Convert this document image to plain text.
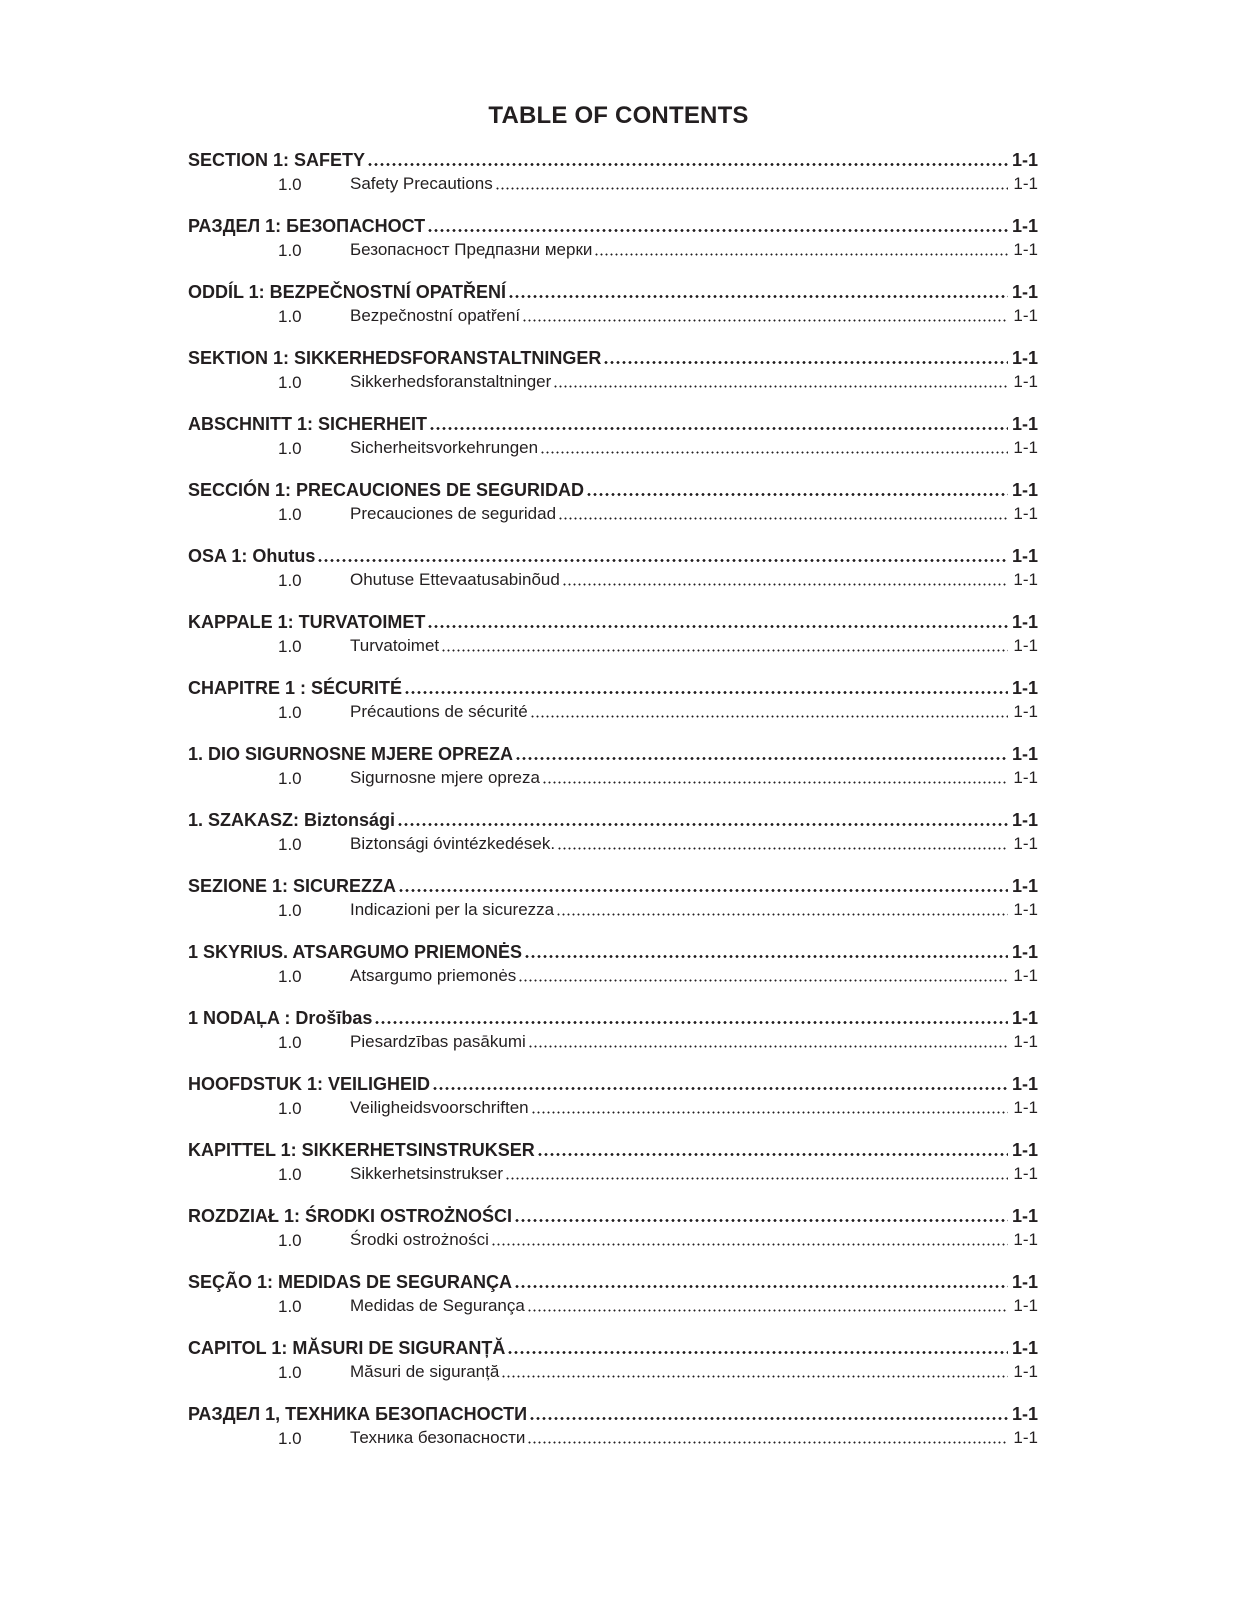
TABLE OF CONTENTS
SECTION 1: SAFETY	1-1
1.0	Safety Precautions	1-1
РАЗДЕЛ 1: БЕЗОПАСНОСТ	1-1
1.0	Безопасност Предпазни мерки	1-1
ODDÍL 1: BEZPEČNOSTNÍ OPATŘENÍ	1-1
1.0	Bezpečnostní opatření	1-1
SEKTION 1: SIKKERHEDSFORANSTALTNINGER	1-1
1.0	Sikkerhedsforanstaltninger	1-1
ABSCHNITT 1: SICHERHEIT	1-1
1.0	Sicherheitsvorkehrungen	1-1
SECCIÓN 1: PRECAUCIONES DE SEGURIDAD	1-1
1.0	Precauciones de seguridad	1-1
OSA 1: Ohutus	1-1
1.0	Ohutuse Ettevaatusabinõud	1-1
KAPPALE 1: TURVATOIMET	1-1
1.0	Turvatoimet	1-1
CHAPITRE 1 : SÉCURITÉ	1-1
1.0	Précautions de sécurité	1-1
1. DIO SIGURNOSNE MJERE OPREZA	1-1
1.0	Sigurnosne mjere opreza	1-1
1. SZAKASZ: Biztonsági	1-1
1.0	Biztonsági óvintézkedések.	1-1
SEZIONE 1: SICUREZZA	1-1
1.0	Indicazioni per la sicurezza	1-1
1 SKYRIUS. ATSARGUMO PRIEMONĖS	1-1
1.0	Atsargumo priemonės	1-1
1 NODAĻA : Drošības	1-1
1.0	Piesardzības pasākumi	1-1
HOOFDSTUK 1: VEILIGHEID	1-1
1.0	Veiligheidsvoorschriften	1-1
KAPITTEL 1: SIKKERHETSINSTRUKSER	1-1
1.0	Sikkerhetsinstrukser	1-1
ROZDZIAŁ 1: ŚRODKI OSTROŻNOŚCI	1-1
1.0	Środki ostrożności	1-1
SEÇÃO 1: MEDIDAS DE SEGURANÇA	1-1
1.0	Medidas de Segurança	1-1
CAPITOL 1: MĂSURI DE SIGURANȚĂ	1-1
1.0	Măsuri de siguranță	1-1
РАЗДЕЛ 1, ТЕХНИКА БЕЗОПАСНОСТИ	1-1
1.0	Техника безопасности	1-1
